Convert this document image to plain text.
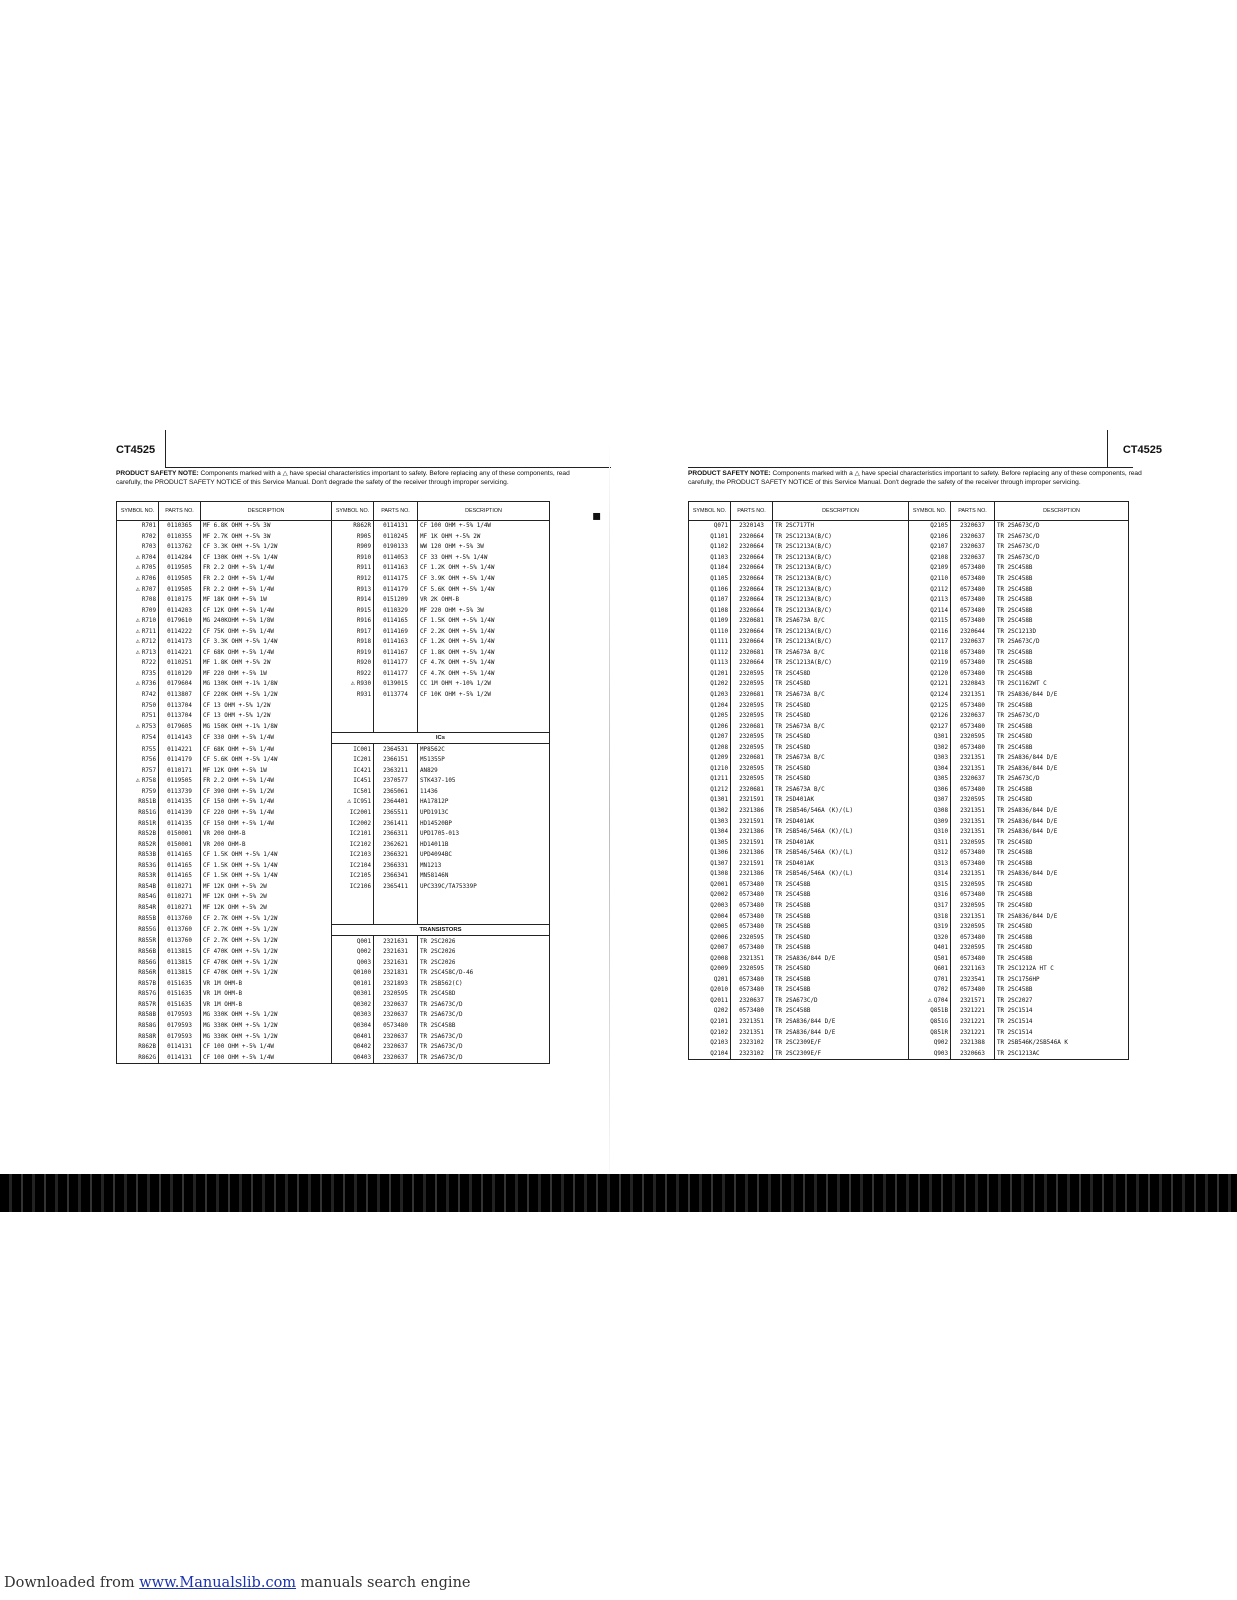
CT4525
PRODUCT SAFETY NOTE: Components marked with a △ have special characteristics important to safety. Before replacing any of these components, read carefully, the PRODUCT SAFETY NOTICE of this Service Manual. Don't degrade the safety of the receiver through improper servicing.
SYMBOL NO.	PARTS NO.	DESCRIPTION	SYMBOL NO.	PARTS NO.	DESCRIPTION
R701	0110365	MF 6.8K OHM +-5% 3W	R862R	0114131	CF 100 OHM +-5% 1/4W
R702	0110355	MF 2.7K OHM +-5% 3W	R905	0110245	MF 1K OHM +-5% 2W
R703	0113762	CF 3.3K OHM +-5% 1/2W	R909	0190133	WW 120 OHM +-5% 3W
⚠ R704	0114284	CF 130K OHM +-5% 1/4W	R910	0114053	CF 33 OHM +-5% 1/4W
⚠ R705	0119505	FR 2.2 OHM +-5% 1/4W	R911	0114163	CF 1.2K OHM +-5% 1/4W
⚠ R706	0119505	FR 2.2 OHM +-5% 1/4W	R912	0114175	CF 3.9K OHM +-5% 1/4W
⚠ R707	0119505	FR 2.2 OHM +-5% 1/4W	R913	0114179	CF 5.6K OHM +-5% 1/4W
R708	0110175	MF 18K OHM +-5% 1W	R914	0151209	VR 2K OHM-B
R709	0114203	CF 12K OHM +-5% 1/4W	R915	0110329	MF 220 OHM +-5% 3W
⚠ R710	0179610	MG 240KOHM +-5% 1/8W	R916	0114165	CF 1.5K OHM +-5% 1/4W
⚠ R711	0114222	CF 75K OHM +-5% 1/4W	R917	0114169	CF 2.2K OHM +-5% 1/4W
⚠ R712	0114173	CF 3.3K OHM +-5% 1/4W	R918	0114163	CF 1.2K OHM +-5% 1/4W
⚠ R713	0114221	CF 68K OHM +-5% 1/4W	R919	0114167	CF 1.8K OHM +-5% 1/4W
R722	0110251	MF 1.8K OHM +-5% 2W	R920	0114177	CF 4.7K OHM +-5% 1/4W
R735	0110129	MF 220 OHM +-5% 1W	R922	0114177	CF 4.7K OHM +-5% 1/4W
⚠ R736	0179604	MG 130K OHM +-1% 1/8W	⚠ R930	0139015	CC 1M OHM +-10% 1/2W
R742	0113807	CF 220K OHM +-5% 1/2W	R931	0113774	CF 10K OHM +-5% 1/2W
R750	0113704	CF 13 OHM +-5% 1/2W			
R751	0113704	CF 13 OHM +-5% 1/2W			
⚠ R753	0179605	MG 150K OHM +-1% 1/8W			
R754	0114143	CF 330 OHM +-5% 1/4W	ICs		
R755	0114221	CF 68K OHM +-5% 1/4W	IC001	2364531	MP8562C
R756	0114179	CF 5.6K OHM +-5% 1/4W	IC201	2366151	M51355P
R757	0110171	MF 12K OHM +-5% 1W	IC421	2363211	AN829
⚠ R758	0119505	FR 2.2 OHM +-5% 1/4W	IC451	2370577	STK437-105
R759	0113739	CF 390 OHM +-5% 1/2W	IC501	2365061	11436
R851B	0114135	CF 150 OHM +-5% 1/4W	⚠ IC951	2364401	HA17812P
R851G	0114139	CF 220 OHM +-5% 1/4W	IC2001	2365511	UPD1913C
R851R	0114135	CF 150 OHM +-5% 1/4W	IC2002	2361411	HD14520BP
R852B	0150001	VR 200 OHM-B	IC2101	2366311	UPD1705-013
R852R	0150001	VR 200 OHM-B	IC2102	2362621	HD14011B
R853B	0114165	CF 1.5K OHM +-5% 1/4W	IC2103	2366321	UPD4094BC
R853G	0114165	CF 1.5K OHM +-5% 1/4W	IC2104	2366331	MN1213
R853R	0114165	CF 1.5K OHM +-5% 1/4W	IC2105	2366341	MN58146N
R854B	0110271	MF 12K OHM +-5% 2W	IC2106	2365411	UPC339C/TA75339P
R854G	0110271	MF 12K OHM +-5% 2W			
R854R	0110271	MF 12K OHM +-5% 2W			
R855B	0113760	CF 2.7K OHM +-5% 1/2W			
R855G	0113760	CF 2.7K OHM +-5% 1/2W	TRANSISTORS		
R855R	0113760	CF 2.7K OHM +-5% 1/2W	Q001	2321631	TR 2SC2026
R856B	0113815	CF 470K OHM +-5% 1/2W	Q002	2321631	TR 2SC2026
R856G	0113815	CF 470K OHM +-5% 1/2W	Q003	2321631	TR 2SC2026
R856R	0113815	CF 470K OHM +-5% 1/2W	Q0100	2321831	TR 2SC458C/D-46
R857B	0151635	VR 1M OHM-B	Q0101	2321893	TR 2SB562(C)
R857G	0151635	VR 1M OHM-B	Q0301	2320595	TR 2SC458D
R857R	0151635	VR 1M OHM-B	Q0302	2320637	TR 2SA673C/D
R858B	0179593	MG 330K OHM +-5% 1/2W	Q0303	2320637	TR 2SA673C/D
R858G	0179593	MG 330K OHM +-5% 1/2W	Q0304	0573480	TR 2SC458B
R858R	0179593	MG 330K OHM +-5% 1/2W	Q0401	2320637	TR 2SA673C/D
R862B	0114131	CF 100 OHM +-5% 1/4W	Q0402	2320637	TR 2SA673C/D
R862G	0114131	CF 100 OHM +-5% 1/4W	Q0403	2320637	TR 2SA673C/D
CT4525
PRODUCT SAFETY NOTE: Components marked with a △ have special characteristics important to safety. Before replacing any of these components, read carefully, the PRODUCT SAFETY NOTICE of this Service Manual. Don't degrade the safety of the receiver through improper servicing.
SYMBOL NO.	PARTS NO.	DESCRIPTION	SYMBOL NO.	PARTS NO.	DESCRIPTION
Q071	2320143	TR 2SC717TH	Q2105	2320637	TR 2SA673C/D
Q1101	2320664	TR 2SC1213A(B/C)	Q2106	2320637	TR 2SA673C/D
Q1102	2320664	TR 2SC1213A(B/C)	Q2107	2320637	TR 2SA673C/D
Q1103	2320664	TR 2SC1213A(B/C)	Q2108	2320637	TR 2SA673C/D
Q1104	2320664	TR 2SC1213A(B/C)	Q2109	0573480	TR 2SC458B
Q1105	2320664	TR 2SC1213A(B/C)	Q2110	0573480	TR 2SC458B
Q1106	2320664	TR 2SC1213A(B/C)	Q2112	0573480	TR 2SC458B
Q1107	2320664	TR 2SC1213A(B/C)	Q2113	0573480	TR 2SC458B
Q1108	2320664	TR 2SC1213A(B/C)	Q2114	0573480	TR 2SC458B
Q1109	2320681	TR 2SA673A B/C	Q2115	0573480	TR 2SC458B
Q1110	2320664	TR 2SC1213A(B/C)	Q2116	2320644	TR 2SC1213D
Q1111	2320664	TR 2SC1213A(B/C)	Q2117	2320637	TR 2SA673C/D
Q1112	2320681	TR 2SA673A B/C	Q2118	0573480	TR 2SC458B
Q1113	2320664	TR 2SC1213A(B/C)	Q2119	0573480	TR 2SC458B
Q1201	2320595	TR 2SC458D	Q2120	0573480	TR 2SC458B
Q1202	2320595	TR 2SC458D	Q2121	2320843	TR 2SC1162WT C
Q1203	2320681	TR 2SA673A B/C	Q2124	2321351	TR 2SA836/844 D/E
Q1204	2320595	TR 2SC458D	Q2125	0573480	TR 2SC458B
Q1205	2320595	TR 2SC458D	Q2126	2320637	TR 2SA673C/D
Q1206	2320681	TR 2SA673A B/C	Q2127	0573480	TR 2SC458B
Q1207	2320595	TR 2SC458D	Q301	2320595	TR 2SC458D
Q1208	2320595	TR 2SC458D	Q302	0573480	TR 2SC458B
Q1209	2320681	TR 2SA673A B/C	Q303	2321351	TR 2SA836/844 D/E
Q1210	2320595	TR 2SC458D	Q304	2321351	TR 2SA836/844 D/E
Q1211	2320595	TR 2SC458D	Q305	2320637	TR 2SA673C/D
Q1212	2320681	TR 2SA673A B/C	Q306	0573480	TR 2SC458B
Q1301	2321591	TR 2SD401AK	Q307	2320595	TR 2SC458D
Q1302	2321386	TR 2SB546/546A (K)/(L)	Q308	2321351	TR 2SA836/844 D/E
Q1303	2321591	TR 2SD401AK	Q309	2321351	TR 2SA836/844 D/E
Q1304	2321386	TR 2SB546/546A (K)/(L)	Q310	2321351	TR 2SA836/844 D/E
Q1305	2321591	TR 2SD401AK	Q311	2320595	TR 2SC458D
Q1306	2321386	TR 2SB546/546A (K)/(L)	Q312	0573480	TR 2SC458B
Q1307	2321591	TR 2SD401AK	Q313	0573480	TR 2SC458B
Q1308	2321386	TR 2SB546/546A (K)/(L)	Q314	2321351	TR 2SA836/844 D/E
Q2001	0573480	TR 2SC458B	Q315	2320595	TR 2SC458D
Q2002	0573480	TR 2SC458B	Q316	0573480	TR 2SC458B
Q2003	0573480	TR 2SC458B	Q317	2320595	TR 2SC458D
Q2004	0573480	TR 2SC458B	Q318	2321351	TR 2SA836/844 D/E
Q2005	0573480	TR 2SC458B	Q319	2320595	TR 2SC458D
Q2006	2320595	TR 2SC458D	Q320	0573480	TR 2SC458B
Q2007	0573480	TR 2SC458B	Q401	2320595	TR 2SC458D
Q2008	2321351	TR 2SA836/844 D/E	Q501	0573480	TR 2SC458B
Q2009	2320595	TR 2SC458D	Q601	2321163	TR 2SC1212A HT C
Q201	0573480	TR 2SC458B	Q701	2323541	TR 2SC1756HP
Q2010	0573480	TR 2SC458B	Q702	0573480	TR 2SC458B
Q2011	2320637	TR 2SA673C/D	⚠ Q704	2321571	TR 2SC2027
Q202	0573480	TR 2SC458B	Q851B	2321221	TR 2SC1514
Q2101	2321351	TR 2SA836/844 D/E	Q851G	2321221	TR 2SC1514
Q2102	2321351	TR 2SA836/844 D/E	Q851R	2321221	TR 2SC1514
Q2103	2323102	TR 2SC2309E/F	Q902	2321388	TR 2SB546K/2SB546A K
Q2104	2323102	TR 2SC2309E/F	Q903	2320663	TR 2SC1213AC
▪
Downloaded from www.Manualslib.com manuals search engine
